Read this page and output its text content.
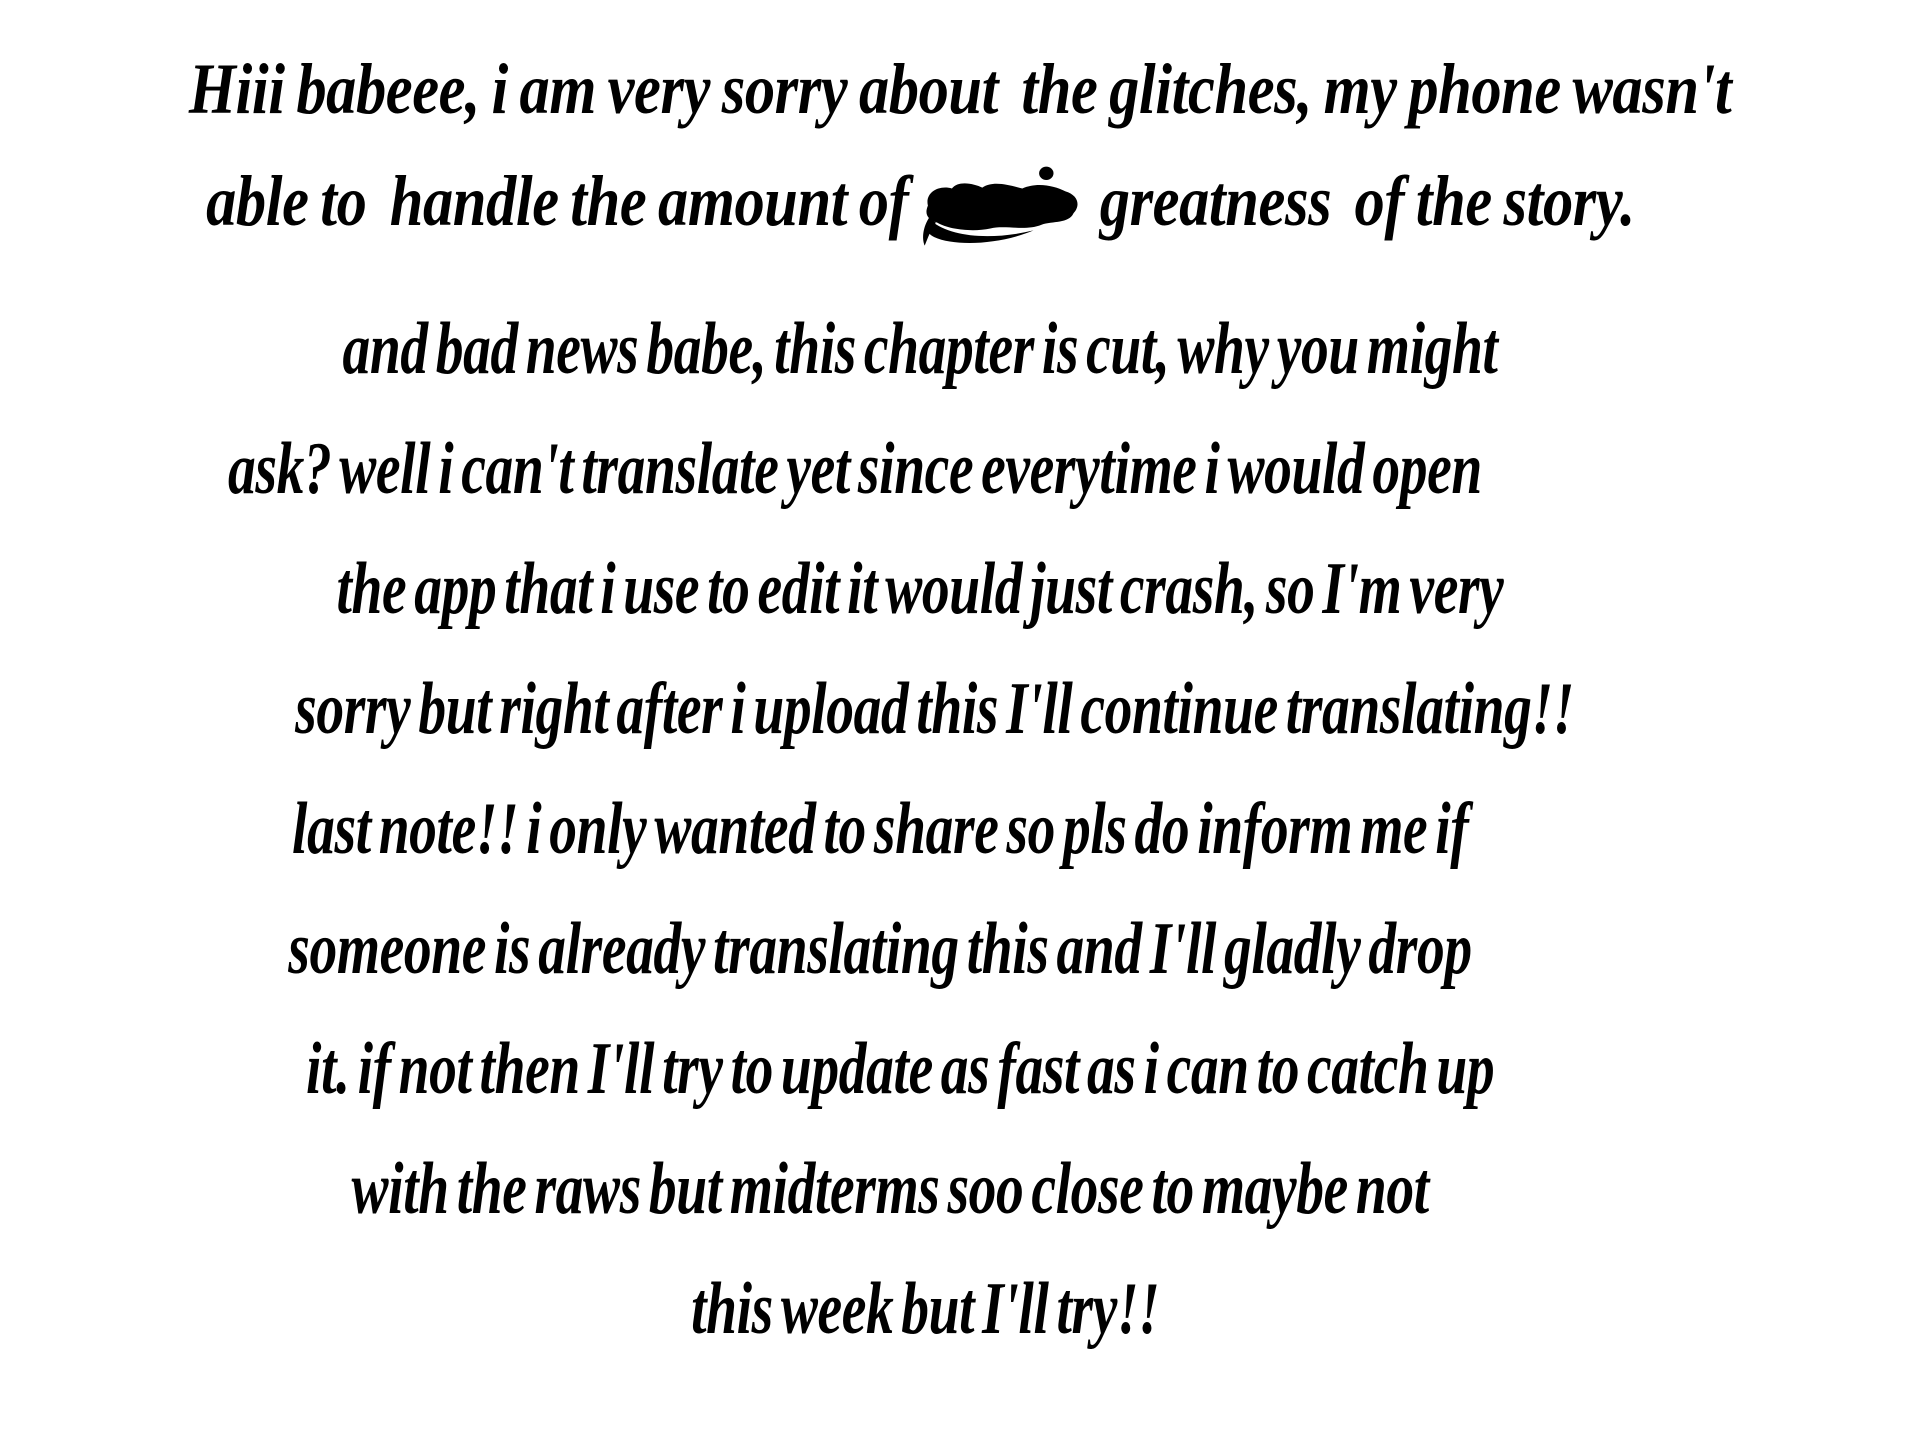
Hiii babeee, i am very sorry about  the glitches, my phone wasn't
able to  handle the amount of
greatness  of the story.
and bad news babe, this chapter is cut, why you might
ask? well i can't translate yet since everytime i would open
the app that i use to edit it would just crash, so I'm very
sorry but right after i upload this I'll continue translating!!
last note!! i only wanted to share so pls do inform me if
someone is already translating this and I'll gladly drop
it. if not then I'll try to update as fast as i can to catch up
with the raws but midterms soo close to maybe not
this week but I'll try!!
